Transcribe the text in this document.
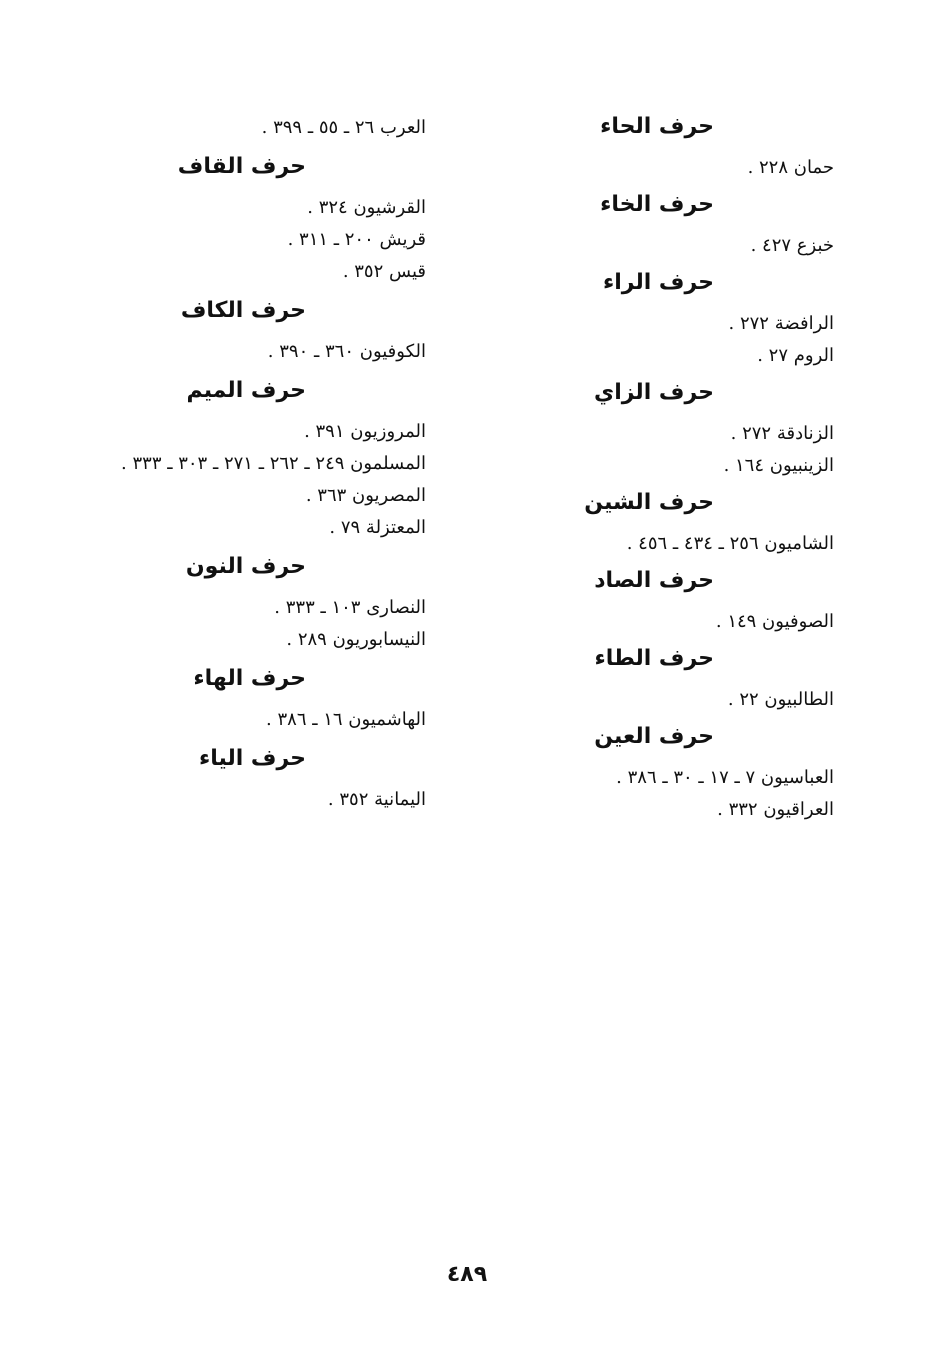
حرف الحاء

حمان ٢٢٨ .

حرف الخاء

خبزع ٤٢٧ .

حرف الراء

الرافضة ٢٧٢ .

الروم ٢٧ .

حرف الزاي

الزنادقة ٢٧٢ .

الزينبيون ١٦٤ .

حرف الشين

الشاميون ٢٥٦ ـ ٤٣٤ ـ ٤٥٦ .

حرف الصاد

الصوفيون ١٤٩ .

حرف الطاء

الطالبيون ٢٢ .

حرف العين

العباسيون ٧ ـ ١٧ ـ ٣٠ ـ ٣٨٦ .

العراقيون ٣٣٢ .

العرب ٢٦ ـ ٥٥ ـ ٣٩٩ .

حرف القاف

القرشيون ٣٢٤ .

قريش ٢٠٠ ـ ٣١١ .

قيس ٣٥٢ .

حرف الكاف

الكوفيون ٣٦٠ ـ ٣٩٠ .

حرف الميم

المروزيون ٣٩١ .

المسلمون ٢٤٩ ـ ٢٦٢ ـ ٢٧١ ـ ٣٠٣ ـ ٣٣٣ .

المصريون ٣٦٣ .

المعتزلة ٧٩ .

حرف النون

النصارى ١٠٣ ـ ٣٣٣ .

النيسابوريون ٢٨٩ .

حرف الهاء

الهاشميون ١٦ ـ ٣٨٦ .

حرف الياء

اليمانية ٣٥٢ .

٤٨٩
